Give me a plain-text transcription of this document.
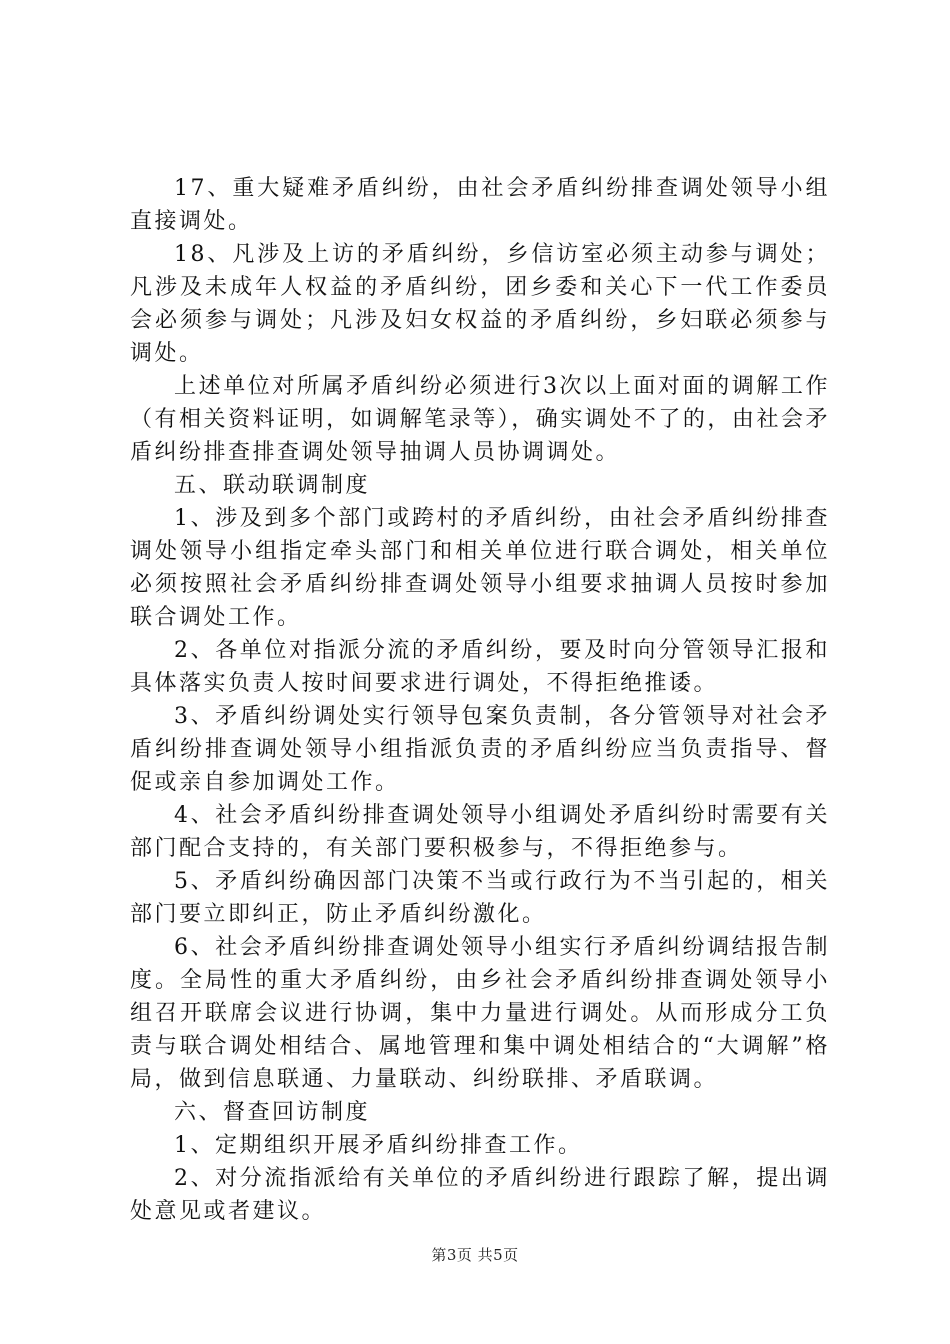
17、重大疑难矛盾纠纷，由社会矛盾纠纷排查调处领导小组直接调处。

18、凡涉及上访的矛盾纠纷，乡信访室必须主动参与调处；凡涉及未成年人权益的矛盾纠纷，团乡委和关心下一代工作委员会必须参与调处；凡涉及妇女权益的矛盾纠纷，乡妇联必须参与调处。

上述单位对所属矛盾纠纷必须进行3次以上面对面的调解工作（有相关资料证明，如调解笔录等），确实调处不了的，由社会矛盾纠纷排查排查调处领导抽调人员协调调处。

五、联动联调制度

1、涉及到多个部门或跨村的矛盾纠纷，由社会矛盾纠纷排查调处领导小组指定牵头部门和相关单位进行联合调处，相关单位必须按照社会矛盾纠纷排查调处领导小组要求抽调人员按时参加联合调处工作。

2、各单位对指派分流的矛盾纠纷，要及时向分管领导汇报和具体落实负责人按时间要求进行调处，不得拒绝推诿。

3、矛盾纠纷调处实行领导包案负责制，各分管领导对社会矛盾纠纷排查调处领导小组指派负责的矛盾纠纷应当负责指导、督促或亲自参加调处工作。

4、社会矛盾纠纷排查调处领导小组调处矛盾纠纷时需要有关部门配合支持的，有关部门要积极参与，不得拒绝参与。

5、矛盾纠纷确因部门决策不当或行政行为不当引起的，相关部门要立即纠正，防止矛盾纠纷激化。

6、社会矛盾纠纷排查调处领导小组实行矛盾纠纷调结报告制度。全局性的重大矛盾纠纷，由乡社会矛盾纠纷排查调处领导小组召开联席会议进行协调，集中力量进行调处。从而形成分工负责与联合调处相结合、属地管理和集中调处相结合的“大调解”格局，做到信息联通、力量联动、纠纷联排、矛盾联调。

六、督查回访制度

1、定期组织开展矛盾纠纷排查工作。

2、对分流指派给有关单位的矛盾纠纷进行跟踪了解，提出调处意见或者建议。

第3页 共5页
